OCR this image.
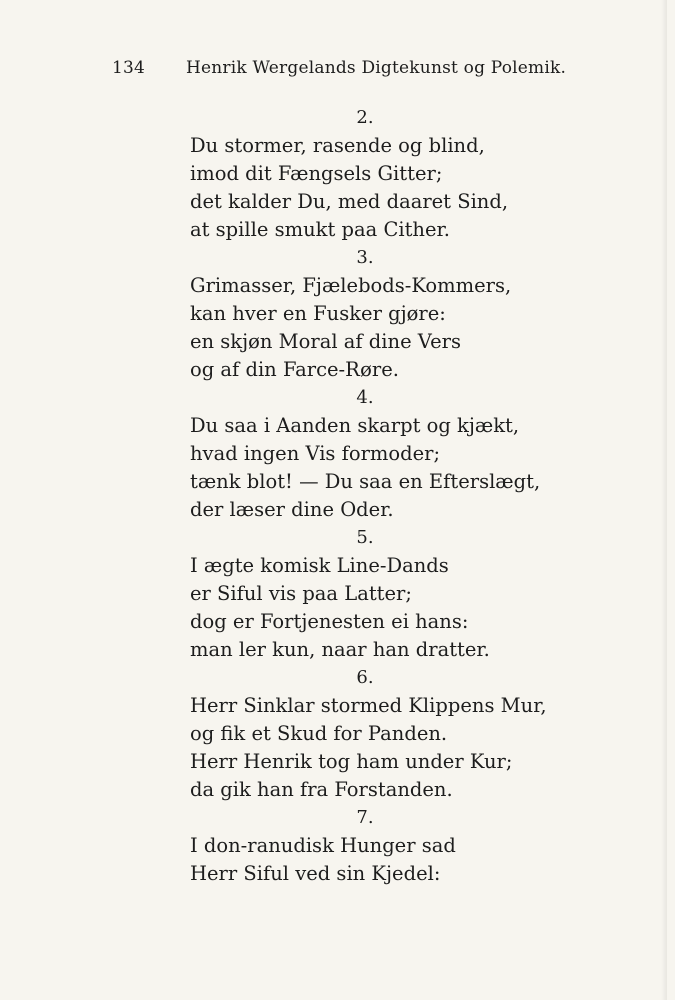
134 Henrik Wergelands Digtekunst og Polemik.
2.
Du stormer, rasende og blind,
imod dit Fængsels Gitter;
det kalder Du, med daaret Sind,
at spille smukt paa Cither.
3.
Grimasser, Fjælebods-Kommers,
kan hver en Fusker gjøre:
en skjøn Moral af dine Vers
og af din Farce-Røre.
4.
Du saa i Aanden skarpt og kjækt,
hvad ingen Vis formoder;
tænk blot! — Du saa en Efterslægt,
der læser dine Oder.
5.
I ægte komisk Line-Dands
er Siful vis paa Latter;
dog er Fortjenesten ei hans:
man ler kun, naar han dratter.
6.
Herr Sinklar stormed Klippens Mur,
og fik et Skud for Panden.
Herr Henrik tog ham under Kur;
da gik han fra Forstanden.
7.
I don-ranudisk Hunger sad
Herr Siful ved sin Kjedel:
